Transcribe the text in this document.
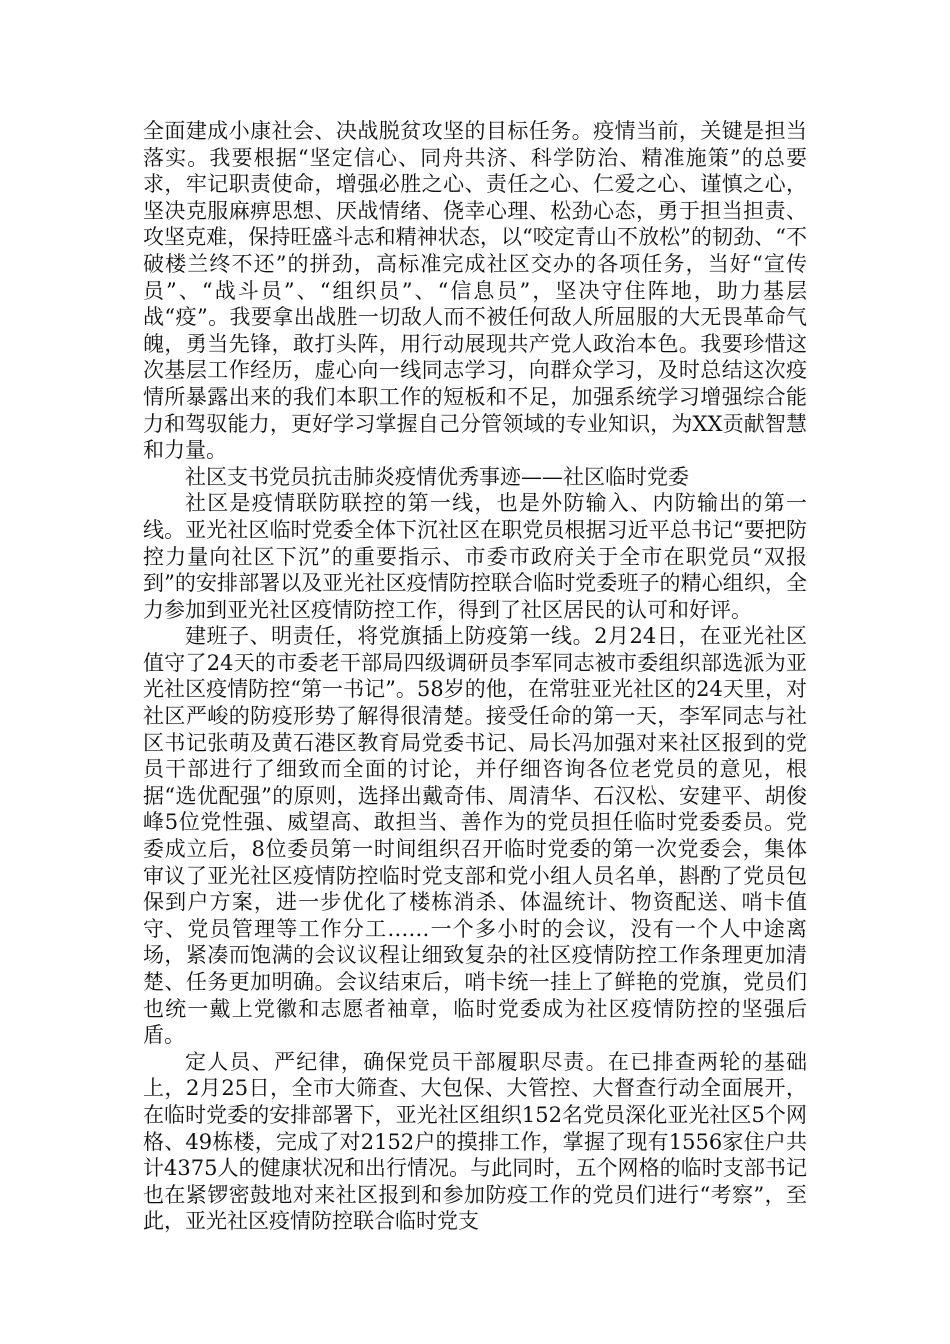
全面建成小康社会、决战脱贫攻坚的目标任务。疫情当前，关键是担当落实。我要根据“坚定信心、同舟共济、科学防治、精准施策”的总要求，牢记职责使命，增强必胜之心、责任之心、仁爱之心、谨慎之心，坚决克服麻痹思想、厌战情绪、侥幸心理、松劲心态，勇于担当担责、攻坚克难，保持旺盛斗志和精神状态，以“咬定青山不放松”的韧劲、“不破楼兰终不还”的拼劲，高标准完成社区交办的各项任务，当好“宣传员”、“战斗员”、“组织员”、“信息员”，坚决守住阵地，助力基层战“疫”。我要拿出战胜一切敌人而不被任何敌人所屈服的大无畏革命气魄，勇当先锋，敢打头阵，用行动展现共产党人政治本色。我要珍惜这次基层工作经历，虚心向一线同志学习，向群众学习，及时总结这次疫情所暴露出来的我们本职工作的短板和不足，加强系统学习增强综合能力和驾驭能力，更好学习掌握自己分管领域的专业知识，为XX贡献智慧和力量。

社区支书党员抗击肺炎疫情优秀事迹——社区临时党委

社区是疫情联防联控的第一线，也是外防输入、内防输出的第一线。亚光社区临时党委全体下沉社区在职党员根据习近平总书记“要把防控力量向社区下沉”的重要指示、市委市政府关于全市在职党员“双报到”的安排部署以及亚光社区疫情防控联合临时党委班子的精心组织，全力参加到亚光社区疫情防控工作，得到了社区居民的认可和好评。

建班子、明责任，将党旗插上防疫第一线。2月24日，在亚光社区值守了24天的市委老干部局四级调研员李军同志被市委组织部选派为亚光社区疫情防控“第一书记”。58岁的他，在常驻亚光社区的24天里，对社区严峻的防疫形势了解得很清楚。接受任命的第一天，李军同志与社区书记张萌及黄石港区教育局党委书记、局长冯加强对来社区报到的党员干部进行了细致而全面的讨论，并仔细咨询各位老党员的意见，根据“选优配强”的原则，选择出戴奇伟、周清华、石汉松、安建平、胡俊峰5位党性强、威望高、敢担当、善作为的党员担任临时党委委员。党委成立后，8位委员第一时间组织召开临时党委的第一次党委会，集体审议了亚光社区疫情防控临时党支部和党小组人员名单，斟酌了党员包保到户方案，进一步优化了楼栋消杀、体温统计、物资配送、哨卡值守、党员管理等工作分工……一个多小时的会议，没有一个人中途离场，紧凑而饱满的会议议程让细致复杂的社区疫情防控工作条理更加清楚、任务更加明确。会议结束后，哨卡统一挂上了鲜艳的党旗，党员们也统一戴上党徽和志愿者袖章，临时党委成为社区疫情防控的坚强后盾。

定人员、严纪律，确保党员干部履职尽责。在已排查两轮的基础上，2月25日，全市大筛查、大包保、大管控、大督查行动全面展开，在临时党委的安排部署下，亚光社区组织152名党员深化亚光社区5个网格、49栋楼，完成了对2152户的摸排工作，掌握了现有1556家住户共计4375人的健康状况和出行情况。与此同时，五个网格的临时支部书记也在紧锣密鼓地对来社区报到和参加防疫工作的党员们进行“考察”，至此，亚光社区疫情防控联合临时党支
